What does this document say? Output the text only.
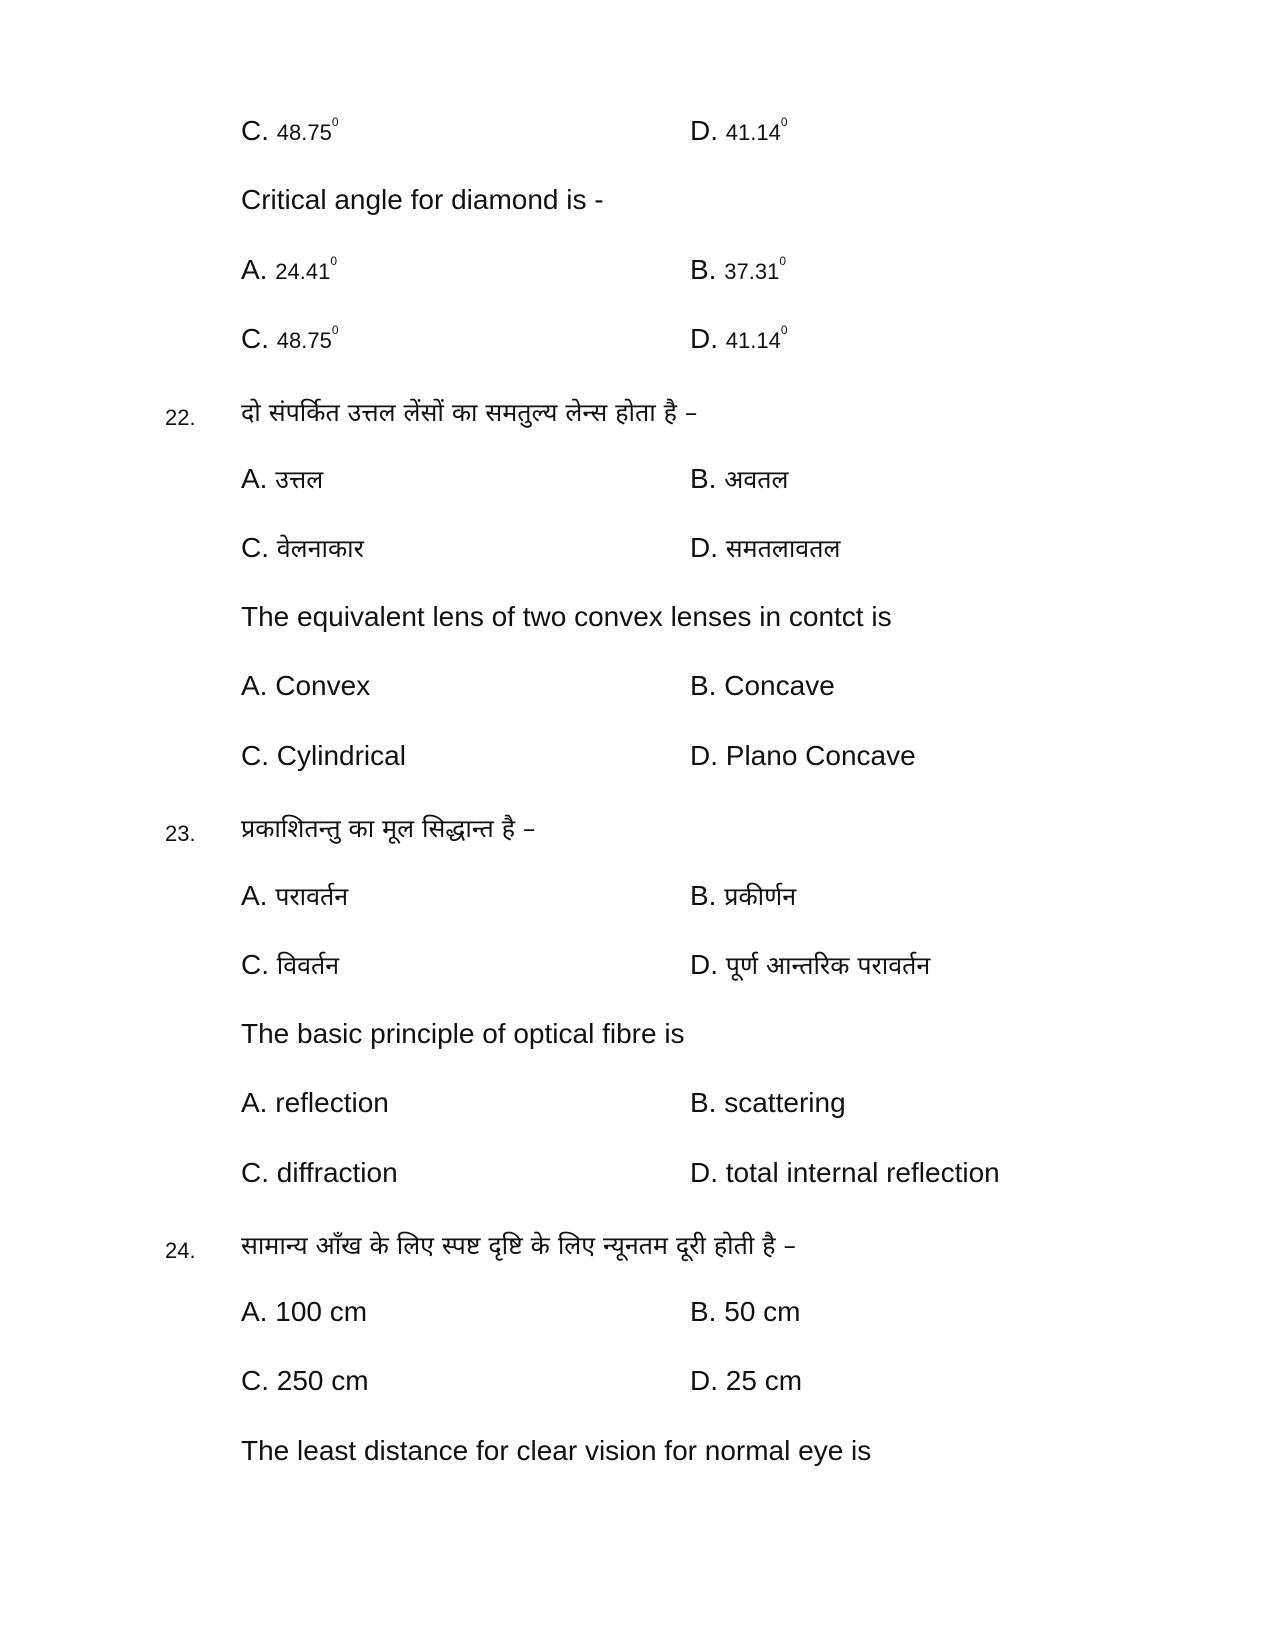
C. 48.75$^0$	D. 41.14$^0$
Critical angle for diamond is -
A. 24.41$^0$	B. 37.31$^0$
C. 48.75$^0$	D. 41.14$^0$
22. दो संपर्कित उत्तल लेंसों का समतुल्य लेन्स होता है –
A. उत्तल	B. अवतल
C. वेलनाकार	D. समतलावतल
The equivalent lens of two convex lenses in contct is
A. Convex	B. Concave
C. Cylindrical	D. Plano Concave
23. प्रकाशितन्तु का मूल सिद्धान्त है –
A. परावर्तन	B. प्रकीर्णन
C. विवर्तन	D. पूर्ण आन्तरिक परावर्तन
The basic principle of optical fibre is
A. reflection	B. scattering
C. diffraction	D. total internal reflection
24. सामान्य आँख के लिए स्पष्ट दृष्टि के लिए न्यूनतम दूरी होती है –
A. 100 cm	B. 50 cm
C. 250 cm	D. 25 cm
The least distance for clear vision for normal eye is
